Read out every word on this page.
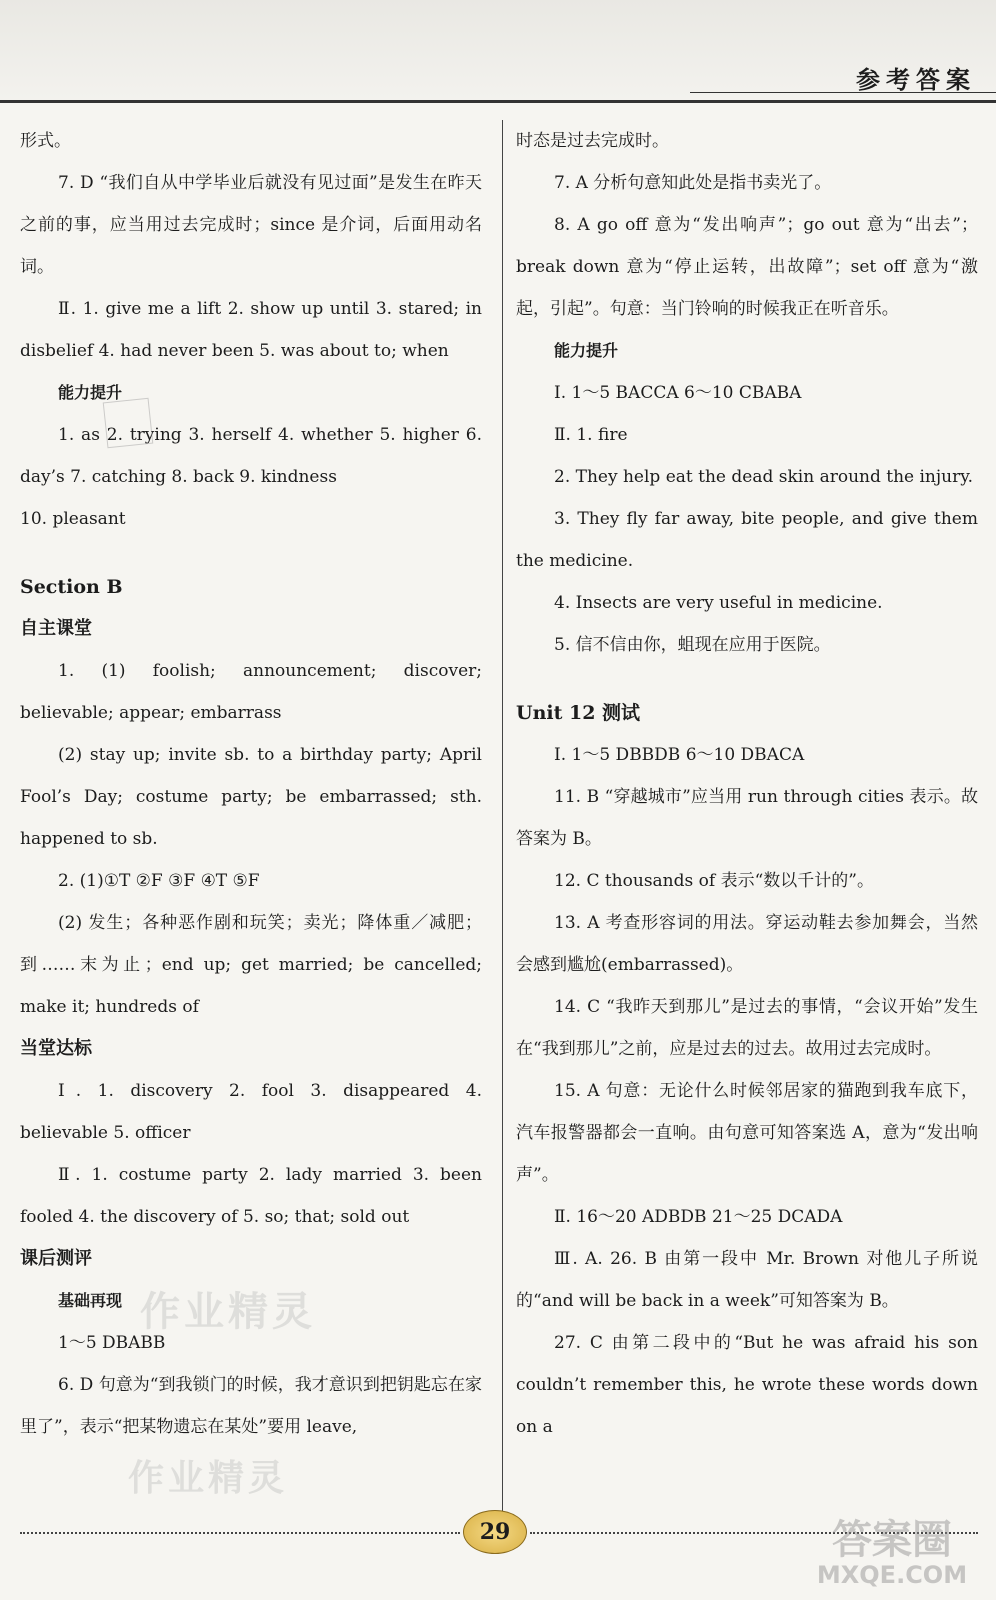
参考答案

形式。

7. D “我们自从中学毕业后就没有见过面”是发生在昨天之前的事，应当用过去完成时；since 是介词，后面用动名词。

Ⅱ. 1. give me a lift 2. show up until 3. stared; in disbelief 4. had never been 5. was about to; when

能力提升

1. as 2. trying 3. herself 4. whether 5. higher 6. day’s 7. catching 8. back 9. kindness

10. pleasant

Section B

自主课堂

1. (1) foolish; announcement; discover; believable; appear; embarrass

(2) stay up; invite sb. to a birthday party; April Fool’s Day; costume party; be embarrassed; sth. happened to sb.

2. (1)①T ②F ③F ④T ⑤F

(2) 发生；各种恶作剧和玩笑；卖光；降体重／减肥；到……末为止；end up; get married; be cancelled; make it; hundreds of

当堂达标

Ⅰ. 1. discovery 2. fool 3. disappeared 4. believable 5. officer

Ⅱ. 1. costume party 2. lady married 3. been fooled 4. the discovery of 5. so; that; sold out

课后测评

基础再现

1～5 DBABB

6. D 句意为“到我锁门的时候，我才意识到把钥匙忘在家里了”，表示“把某物遗忘在某处”要用 leave,

时态是过去完成时。

7. A 分析句意知此处是指书卖光了。

8. A go off 意为“发出响声”；go out 意为“出去”；break down 意为“停止运转，出故障”；set off 意为“激起，引起”。句意：当门铃响的时候我正在听音乐。

能力提升

Ⅰ. 1～5 BACCA 6～10 CBABA

Ⅱ. 1. fire

2. They help eat the dead skin around the injury.

3. They fly far away, bite people, and give them the medicine.

4. Insects are very useful in medicine.

5. 信不信由你，蛆现在应用于医院。

Unit 12 测试

Ⅰ. 1～5 DBBDB 6～10 DBACA

11. B “穿越城市”应当用 run through cities 表示。故答案为 B。

12. C thousands of 表示“数以千计的”。

13. A 考查形容词的用法。穿运动鞋去参加舞会，当然会感到尴尬(embarrassed)。

14. C “我昨天到那儿”是过去的事情，“会议开始”发生在“我到那儿”之前，应是过去的过去。故用过去完成时。

15. A 句意：无论什么时候邻居家的猫跑到我车底下，汽车报警器都会一直响。由句意可知答案选 A，意为“发出响声”。

Ⅱ. 16～20 ADBDB 21～25 DCADA

Ⅲ. A. 26. B 由第一段中 Mr. Brown 对他儿子所说的“and will be back in a week”可知答案为 B。

27. C 由第二段中的“But he was afraid his son couldn’t remember this, he wrote these words down on a

作业精灵
作业精灵
29	答案圈
MXQE.COM
